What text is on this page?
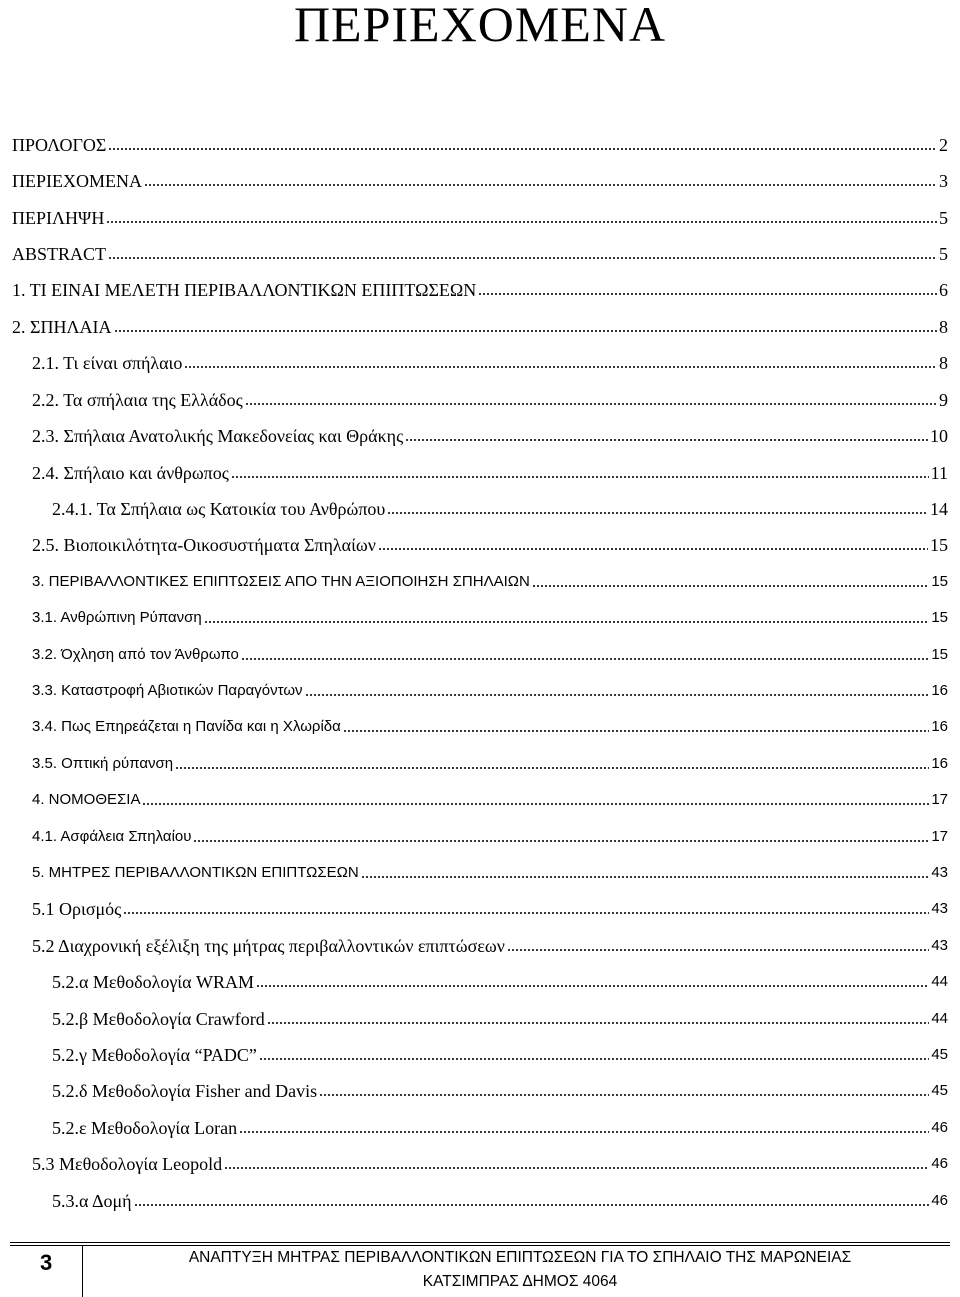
ΠΕΡΙΕΧΟΜΕΝΑ
ΠΡΟΛΟΓΟΣ	2
ΠΕΡΙΕΧΟΜΕΝΑ	3
ΠΕΡΙΛΗΨΗ	5
ABSTRACT	5
1. ΤΙ ΕΙΝΑΙ ΜΕΛΕΤΗ ΠΕΡΙΒΑΛΛΟΝΤΙΚΩΝ ΕΠΙΠΤΩΣΕΩΝ	6
2. ΣΠΗΛΑΙΑ	8
2.1. Τι είναι σπήλαιο	8
2.2. Τα σπήλαια της Ελλάδος	9
2.3. Σπήλαια Ανατολικής Μακεδονείας και Θράκης	10
2.4. Σπήλαιο και άνθρωπος	11
2.4.1. Τα Σπήλαια ως Κατοικία του Ανθρώπου	14
2.5. Βιοποικιλότητα-Οικοσυστήματα Σπηλαίων	15
3. ΠΕΡΙΒΑΛΛΟΝΤΙΚΕΣ ΕΠΙΠΤΩΣΕΙΣ ΑΠΟ ΤΗΝ ΑΞΙΟΠΟΙΗΣΗ ΣΠΗΛΑΙΩΝ	15
3.1. Ανθρώπινη Ρύπανση	15
3.2. Όχληση από τον Άνθρωπο	15
3.3. Καταστροφή Αβιοτικών Παραγόντων	16
3.4. Πως Επηρεάζεται η Πανίδα και η Χλωρίδα	16
3.5. Οπτική ρύπανση	16
4. ΝΟΜΟΘΕΣΙΑ	17
4.1. Ασφάλεια Σπηλαίου	17
5. ΜΗΤΡΕΣ ΠΕΡΙΒΑΛΛΟΝΤΙΚΩΝ ΕΠΙΠΤΩΣΕΩΝ	43
5.1 Ορισμός	43
5.2 Διαχρονική εξέλιξη της μήτρας περιβαλλοντικών επιπτώσεων	43
5.2.α Μεθοδολογία WRAM	44
5.2.β Μεθοδολογία Crawford	44
5.2.γ Μεθοδολογία “PADC”	45
5.2.δ Μεθοδολογία Fisher and Davis	45
5.2.ε Μεθοδολογία Loran	46
5.3 Μεθοδολογία Leopold	46
5.3.α Δομή	46
3	ΑΝΑΠΤΥΞΗ ΜΗΤΡΑΣ ΠΕΡΙΒΑΛΛΟΝΤΙΚΩΝ ΕΠΙΠΤΩΣΕΩΝ ΓΙΑ ΤΟ ΣΠΗΛΑΙΟ ΤΗΣ ΜΑΡΩΝΕΙΑΣ
ΚΑΤΣΙΜΠΡΑΣ ΔΗΜΟΣ 4064
